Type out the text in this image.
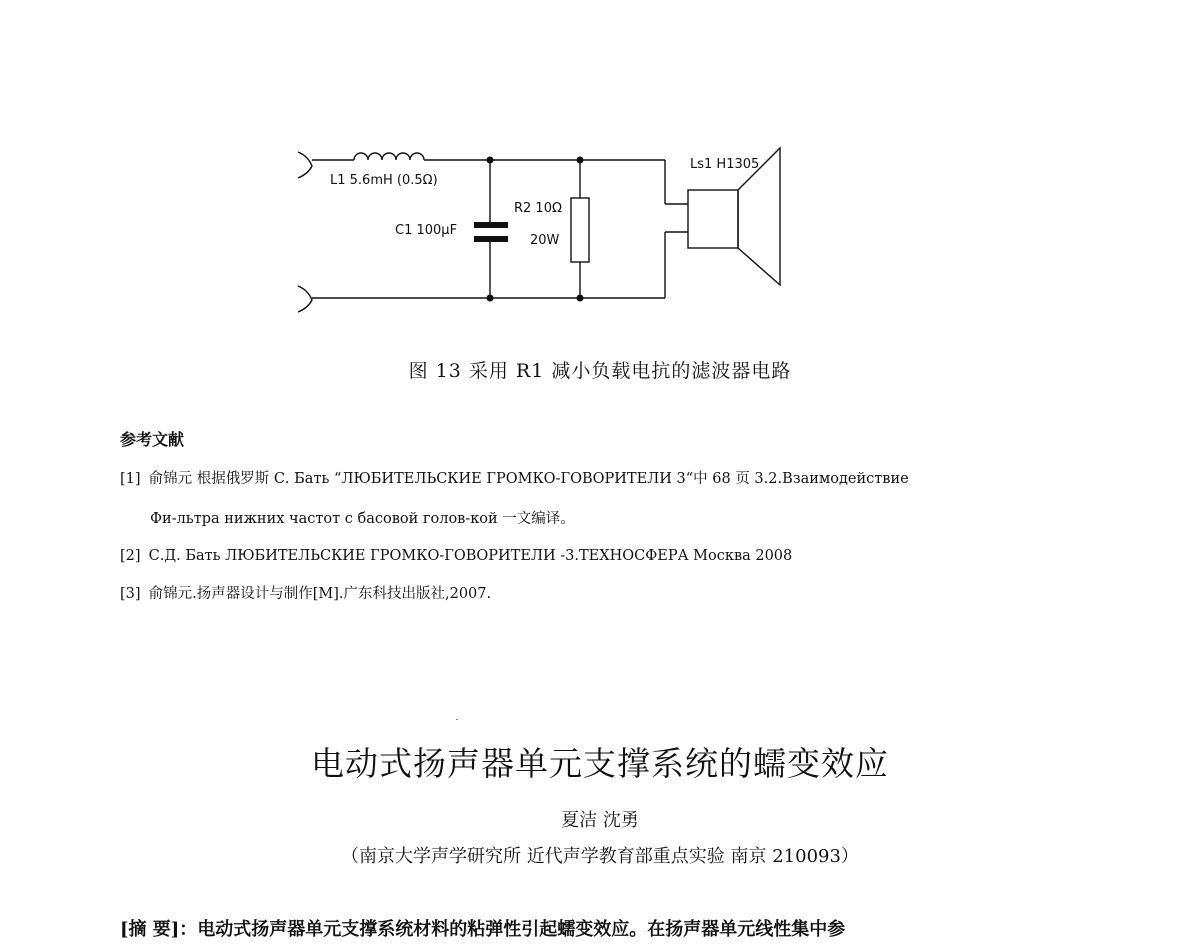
L1 5.6mH (0.5Ω)
C1 100μF
R2 10Ω
20W
Ls1 H1305
图 13 采用 R1 减小负载电抗的滤波器电路
参考文献
[1] 俞锦元 根据俄罗斯 С. Бать “ЛЮБИТЕЛЬСКИЕ ГРОМКО-ГОВОРИТЕЛИ 3“中 68 页 3.2.Взаимодействие
Фи-льтра нижних частот с басовой голов-кой 一文编译。
[2] С.Д. Бать ЛЮБИТЕЛЬСКИЕ ГРОМКО-ГОВОРИТЕЛИ -3.ТЕХНОСФЕРА Москва 2008
[3] 俞锦元.扬声器设计与制作[M].广东科技出版社,2007.
电动式扬声器单元支撑系统的蠕变效应
夏洁 沈勇
（南京大学声学研究所 近代声学教育部重点实验 南京 210093）
[摘 要]：电动式扬声器单元支撑系统材料的粘弹性引起蠕变效应。在扬声器单元线性集中参
